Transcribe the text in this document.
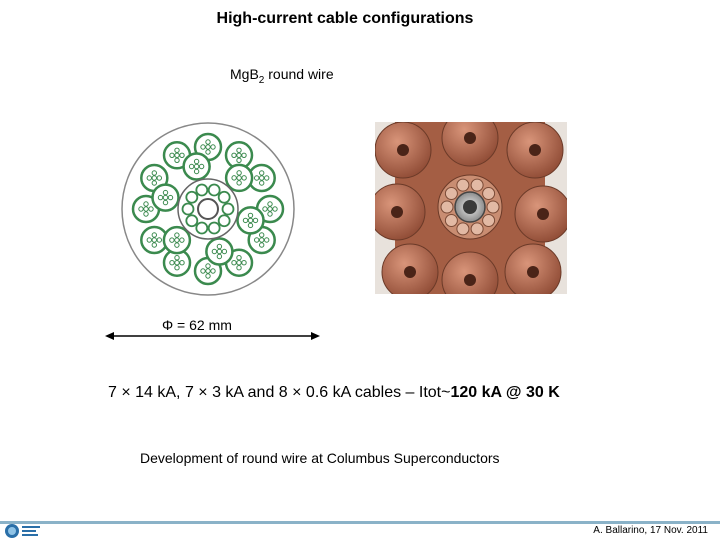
High-current cable configurations
MgB$_2$ round wire
Φ = 62 mm
7 × 14 kA, 7 × 3 kA and 8 × 0.6 kA cables – Itot~120 kA @ 30 K
Development of round wire at Columbus Superconductors
A. Ballarino, 17 Nov. 2011
